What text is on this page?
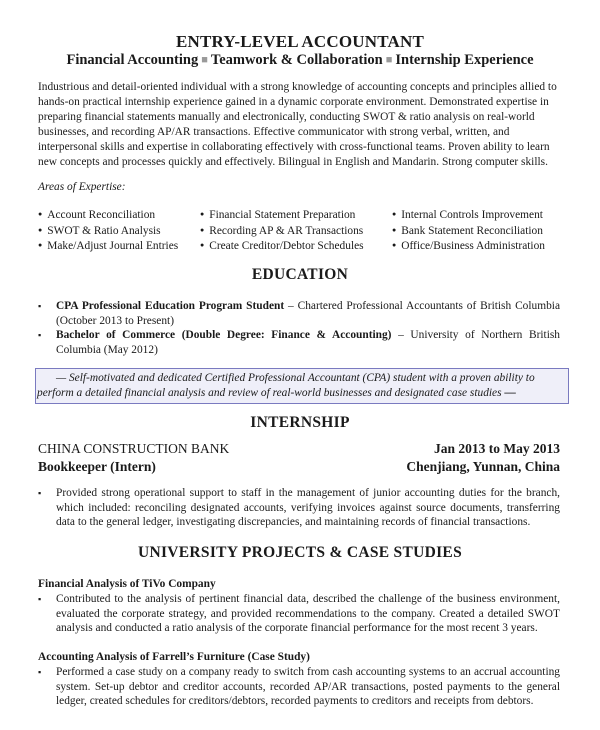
ENTRY-LEVEL ACCOUNTANT
Financial Accounting ■ Teamwork & Collaboration ■ Internship Experience
Industrious and detail-oriented individual with a strong knowledge of accounting concepts and principles allied to
hands-on practical internship experience gained in a dynamic corporate environment. Demonstrated expertise in
preparing financial statements manually and electronically, conducting SWOT & ratio analysis on real-world
businesses, and recording AP/AR transactions. Effective communicator with strong verbal, written, and
interpersonal skills and expertise in collaborating effectively with cross-functional teams. Proven ability to learn
new concepts and processes quickly and effectively. Bilingual in English and Mandarin. Strong computer skills.
Areas of Expertise:
● Account Reconciliation
● SWOT & Ratio Analysis
● Make/Adjust Journal Entries
● Financial Statement Preparation
● Recording AP & AR Transactions
● Create Creditor/Debtor Schedules
● Internal Controls Improvement
● Bank Statement Reconciliation
● Office/Business Administration
EDUCATION
▪ CPA Professional Education Program Student – Chartered Professional Accountants of British Columbia (October 2013 to Present)
▪ Bachelor of Commerce (Double Degree: Finance & Accounting) – University of Northern British Columbia (May 2012)
— Self-motivated and dedicated Certified Professional Accountant (CPA) student with a proven ability to
perform a detailed financial analysis and review of real-world businesses and designated case studies —
INTERNSHIP
CHINA CONSTRUCTION BANK	Jan 2013 to May 2013
Bookkeeper (Intern)	Chenjiang, Yunnan, China
▪ Provided strong operational support to staff in the management of junior accounting duties for the branch, which included: reconciling designated accounts, verifying invoices against source documents, transferring data to the general ledger, investigating discrepancies, and maintaining records of financial transactions.
UNIVERSITY PROJECTS & CASE STUDIES
Financial Analysis of TiVo Company
▪ Contributed to the analysis of pertinent financial data, described the challenge of the business environment, evaluated the corporate strategy, and provided recommendations to the company. Created a detailed SWOT analysis and conducted a ratio analysis of the corporate financial performance for the most recent 3 years.
Accounting Analysis of Farrell’s Furniture (Case Study)
▪ Performed a case study on a company ready to switch from cash accounting systems to an accrual accounting system. Set-up debtor and creditor accounts, recorded AP/AR transactions, posted payments to the general ledger, created schedules for creditors/debtors, recorded payments to creditors and receipts from debtors.
